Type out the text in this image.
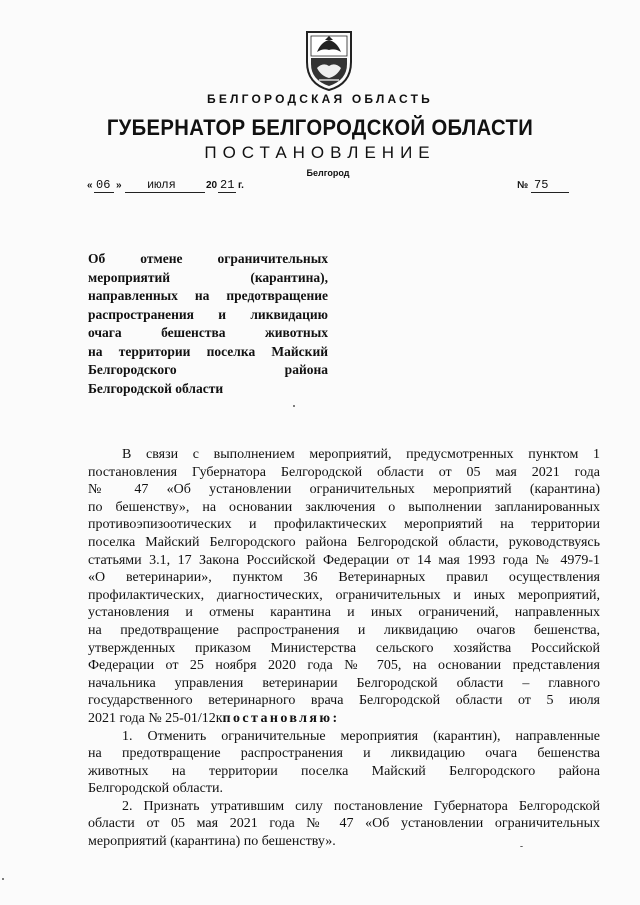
БЕЛГОРОДСКАЯ ОБЛАСТЬ
ГУБЕРНАТОР БЕЛГОРОДСКОЙ ОБЛАСТИ
ПОСТАНОВЛЕНИЕ
Белгород
« 06 » июля	20 21 г.	№ 75
Об отмене ограничительных
мероприятий (карантина),
направленных на предотвращение
распространения и ликвидацию
очага бешенства животных
на территории поселка Майский
Белгородского района
Белгородской области
В связи с выполнением мероприятий, предусмотренных пунктом 1
постановления Губернатора Белгородской области от 05 мая 2021 года
№ 47 «Об установлении ограничительных мероприятий (карантина)
по бешенству», на основании заключения о выполнении запланированных
противоэпизоотических и профилактических мероприятий на территории
поселка Майский Белгородского района Белгородской области, руководствуясь
статьями 3.1, 17 Закона Российской Федерации от 14 мая 1993 года № 4979-1
«О ветеринарии», пунктом 36 Ветеринарных правил осуществления
профилактических, диагностических, ограничительных и иных мероприятий,
установления и отмены карантина и иных ограничений, направленных
на предотвращение распространения и ликвидацию очагов бешенства,
утвержденных приказом Министерства сельского хозяйства Российской
Федерации от 25 ноября 2020 года № 705, на основании представления
начальника управления ветеринарии Белгородской области – главного
государственного ветеринарного врача Белгородской области от 5 июля
2021 года № 25-01/12кпостановляю:
1. Отменить ограничительные мероприятия (карантин), направленные
на предотвращение распространения и ликвидацию очага бешенства
животных на территории поселка Майский Белгородского района
Белгородской области.
2. Признать утратившим силу постановление Губернатора Белгородской
области от 05 мая 2021 года № 47 «Об установлении ограничительных
мероприятий (карантина) по бешенству».
